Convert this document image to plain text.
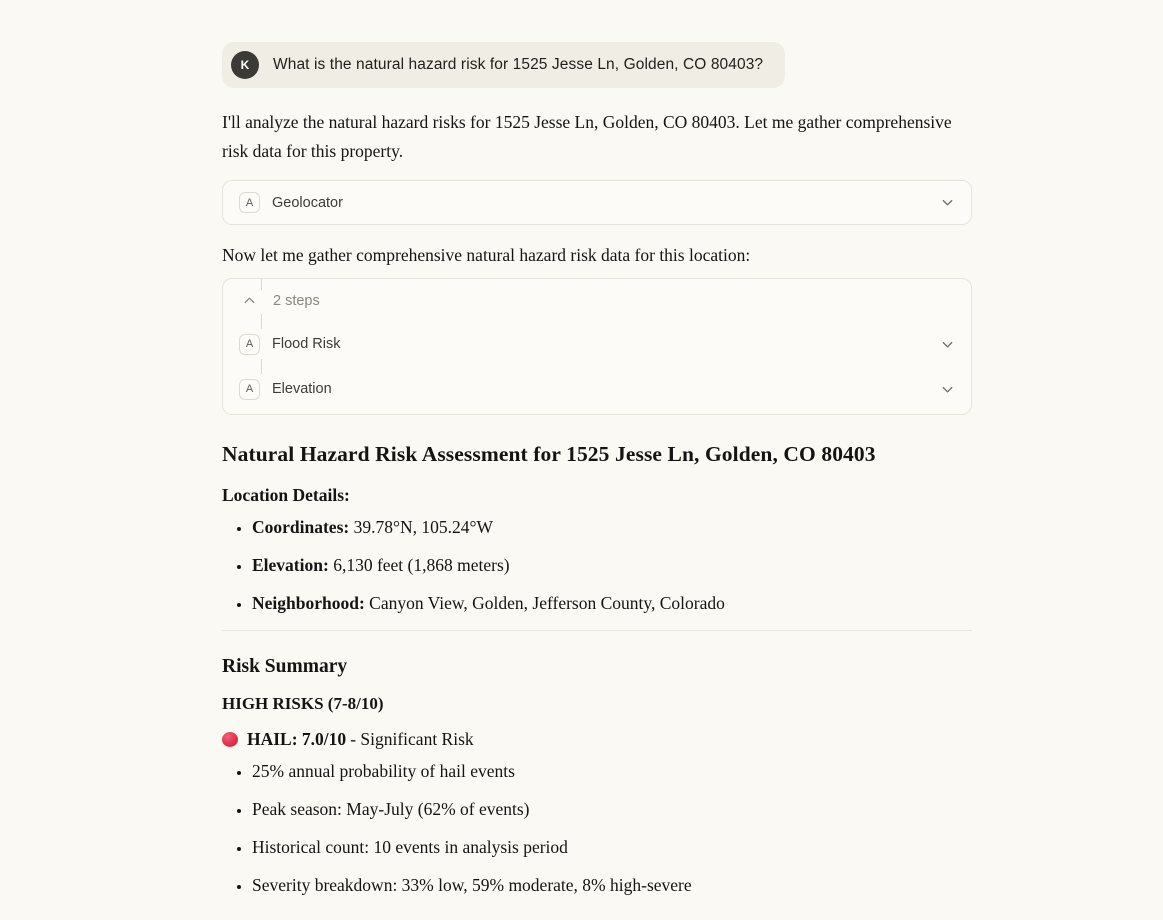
K What is the natural hazard risk for 1525 Jesse Ln, Golden, CO 80403?

I'll analyze the natural hazard risks for 1525 Jesse Ln, Golden, CO 80403. Let me gather comprehensive risk data for this property.

A Geolocator

Now let me gather comprehensive natural hazard risk data for this location:

2 steps
A Flood Risk
A Elevation
Natural Hazard Risk Assessment for 1525 Jesse Ln, Golden, CO 80403
Location Details:
• Coordinates: 39.78°N, 105.24°W
• Elevation: 6,130 feet (1,868 meters)
• Neighborhood: Canyon View, Golden, Jefferson County, Colorado
Risk Summary
HIGH RISKS (7-8/10)
HAIL: 7.0/10 - Significant Risk
• 25% annual probability of hail events
• Peak season: May-July (62% of events)
• Historical count: 10 events in analysis period
• Severity breakdown: 33% low, 59% moderate, 8% high-severe
